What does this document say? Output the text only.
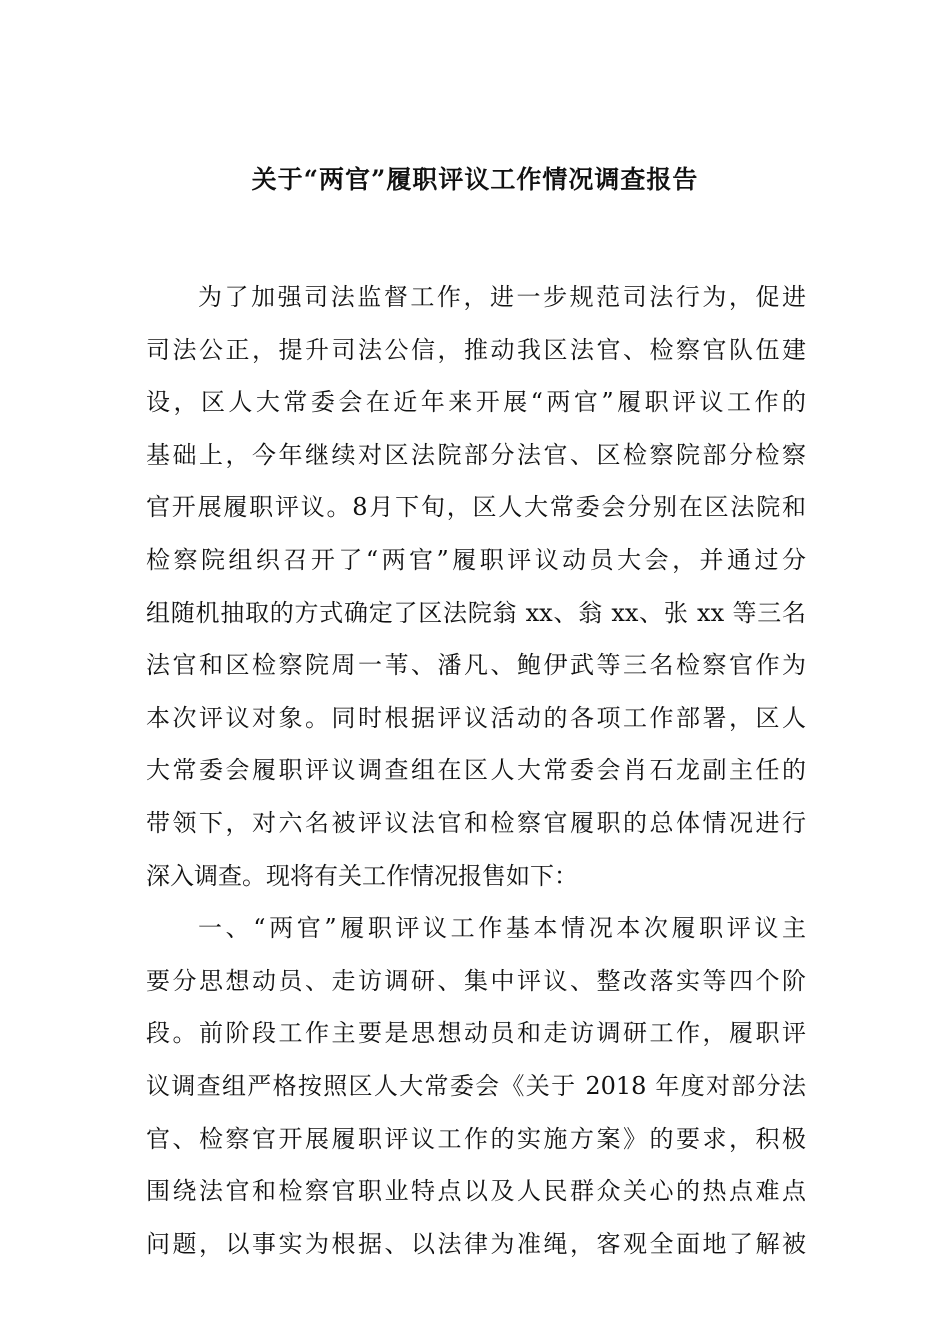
关于“两官”履职评议工作情况调查报告
为了加强司法监督工作，进一步规范司法行为，促进
司法公正，提升司法公信，推动我区法官、检察官队伍建
设，区人大常委会在近年来开展“两官”履职评议工作的
基础上，今年继续对区法院部分法官、区检察院部分检察
官开展履职评议。8月下旬，区人大常委会分别在区法院和
检察院组织召开了“两官”履职评议动员大会，并通过分
组随机抽取的方式确定了区法院翁 xx、翁 xx、张 xx 等三名
法官和区检察院周一苇、潘凡、鲍伊武等三名检察官作为
本次评议对象。同时根据评议活动的各项工作部署，区人
大常委会履职评议调查组在区人大常委会肖石龙副主任的
带领下，对六名被评议法官和检察官履职的总体情况进行
深入调查。现将有关工作情况报售如下：
一、“两官”履职评议工作基本情况本次履职评议主
要分思想动员、走访调研、集中评议、整改落实等四个阶
段。前阶段工作主要是思想动员和走访调研工作，履职评
议调查组严格按照区人大常委会《关于 2018 年度对部分法
官、检察官开展履职评议工作的实施方案》的要求，积极
围绕法官和检察官职业特点以及人民群众关心的热点难点
问题，以事实为根据、以法律为准绳，客观全面地了解被
